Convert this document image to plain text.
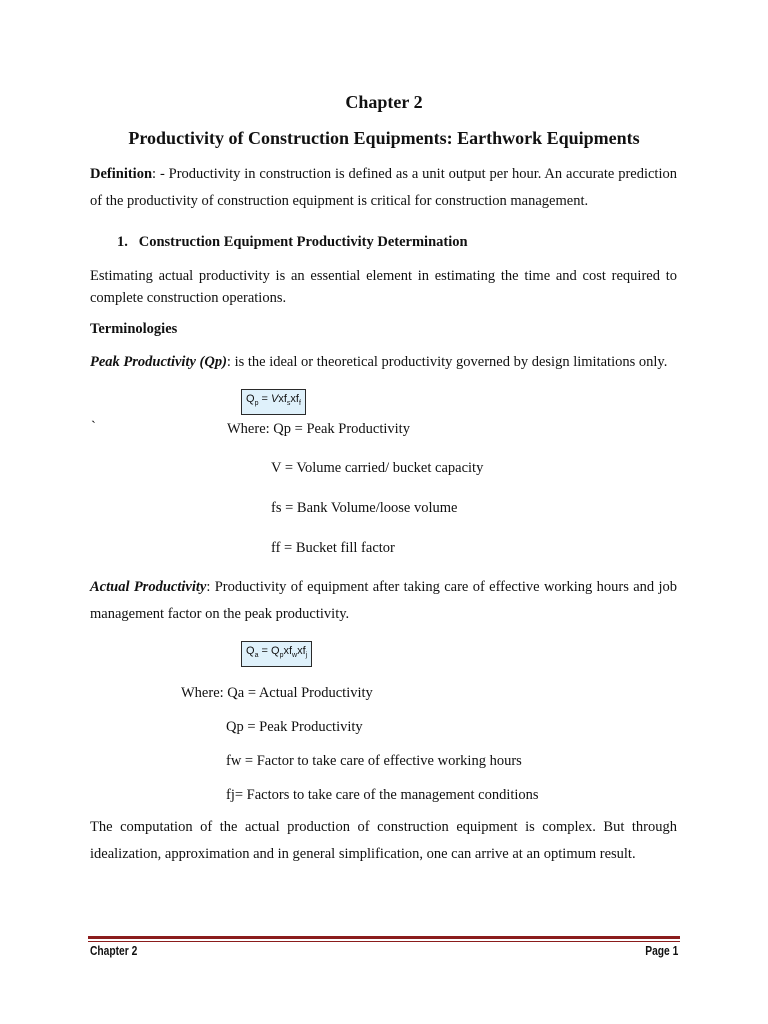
Chapter 2
Productivity of Construction Equipments: Earthwork Equipments
Definition: - Productivity in construction is defined as a unit output per hour. An accurate prediction of the productivity of construction equipment is critical for construction management.
1. Construction Equipment Productivity Determination
Estimating actual productivity is an essential element in estimating the time and cost required to complete construction operations.
Terminologies
Peak Productivity (Qp): is the ideal or theoretical productivity governed by design limitations only.
$Q_p = Vxf_sxf_f$
`	Where: Qp = Peak Productivity
V = Volume carried/ bucket capacity
fs = Bank Volume/loose volume
ff = Bucket fill factor
Actual Productivity: Productivity of equipment after taking care of effective working hours and job management factor on the peak productivity.
$Q_a = Q_pxf_wxf_j$
Where: Qa = Actual Productivity
Qp = Peak Productivity
fw = Factor to take care of effective working hours
fj= Factors to take care of the management conditions
The computation of the actual production of construction equipment is complex. But through idealization, approximation and in general simplification, one can arrive at an optimum result.
Chapter 2	Page 1
